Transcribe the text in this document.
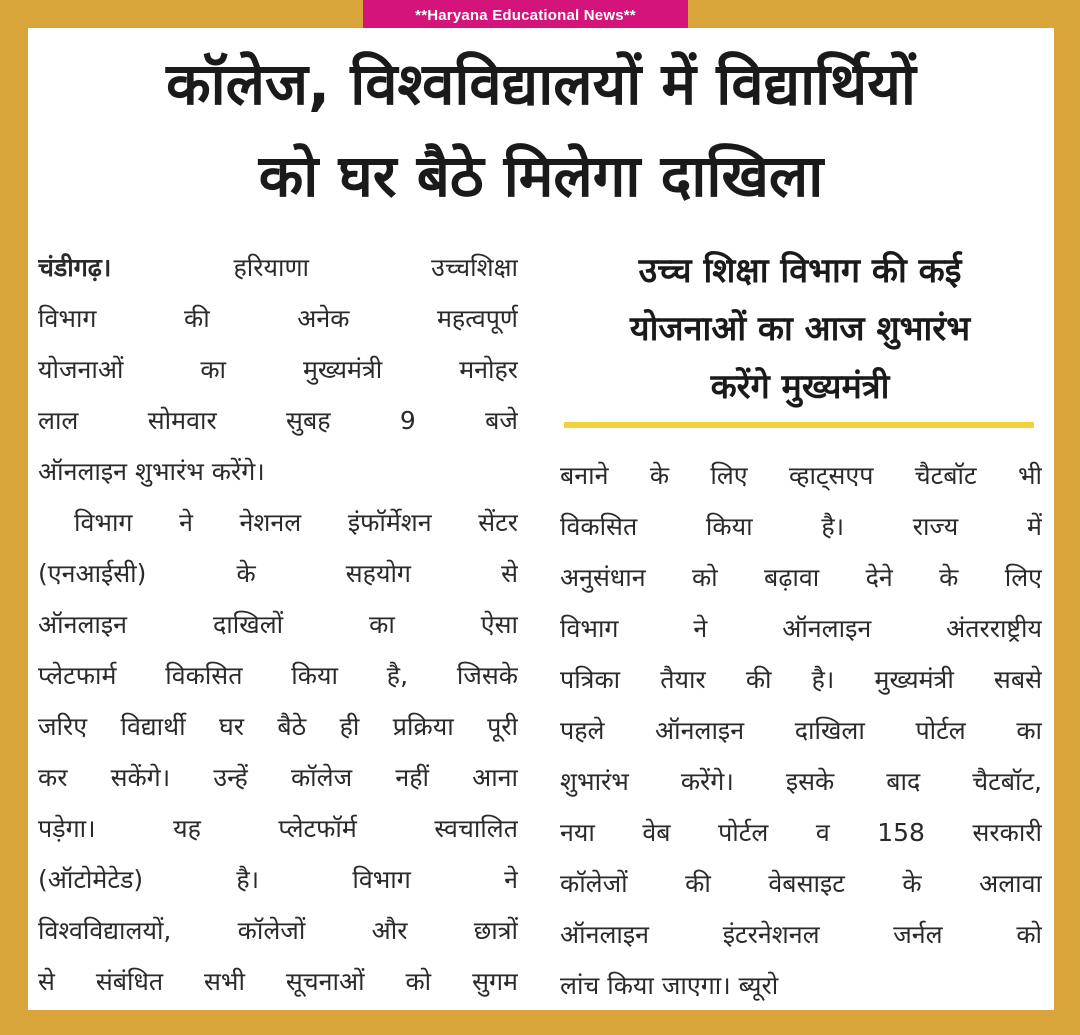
**Haryana Educational News**
कॉलेज, विश्वविद्यालयों में विद्यार्थियों
को घर बैठे मिलेगा दाखिला
चंडीगढ़।	हरियाणा उच्चशिक्षा
विभाग की अनेक महत्वपूर्ण
योजनाओं का मुख्यमंत्री मनोहर
लाल सोमवार सुबह 9 बजे
ऑनलाइन शुभारंभ करेंगे।
विभाग ने नेशनल इंफॉर्मेशन सेंटर
(एनआईसी) के सहयोग से
ऑनलाइन दाखिलों का ऐसा
प्लेटफार्म विकसित किया है, जिसके
जरिए विद्यार्थी घर बैठे ही प्रक्रिया पूरी
कर सकेंगे। उन्हें कॉलेज नहीं आना
पड़ेगा। यह प्लेटफॉर्म स्वचालित
(ऑटोमेटेड) है। विभाग ने
विश्वविद्यालयों, कॉलेजों और छात्रों
से संबंधित सभी सूचनाओं को सुगम
उच्च शिक्षा विभाग की कई
योजनाओं का आज शुभारंभ
करेंगे मुख्यमंत्री
बनाने के लिए व्हाट्सएप चैटबॉट भी
विकसित किया है। राज्य में
अनुसंधान को बढ़ावा देने के लिए
विभाग ने ऑनलाइन अंतरराष्ट्रीय
पत्रिका तैयार की है। मुख्यमंत्री सबसे
पहले ऑनलाइन दाखिला पोर्टल का
शुभारंभ करेंगे। इसके बाद चैटबॉट,
नया वेब पोर्टल व 158 सरकारी
कॉलेजों की वेबसाइट के अलावा
ऑनलाइन इंटरनेशनल जर्नल को
लांच किया जाएगा। ब्यूरो
